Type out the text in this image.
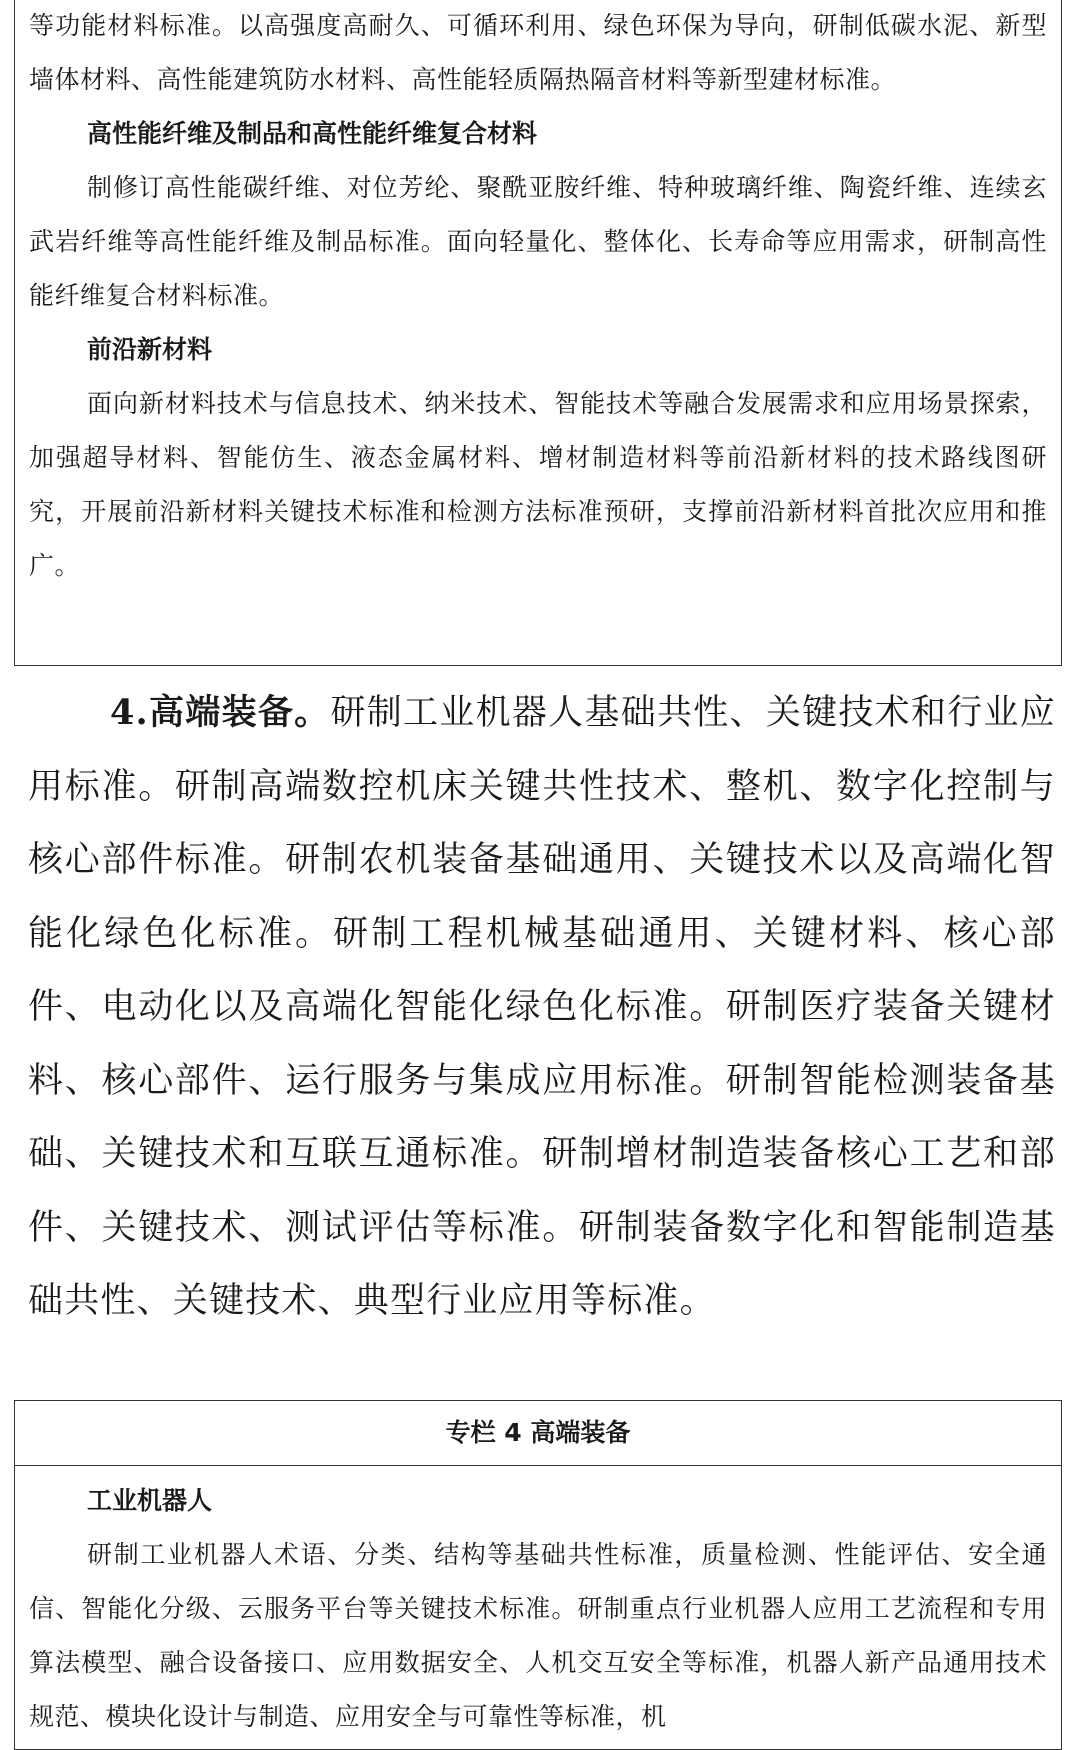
等功能材料标准。以高强度高耐久、可循环利用、绿色环保为导向，研制低碳水泥、新型墙体材料、高性能建筑防水材料、高性能轻质隔热隔音材料等新型建材标准。

高性能纤维及制品和高性能纤维复合材料

制修订高性能碳纤维、对位芳纶、聚酰亚胺纤维、特种玻璃纤维、陶瓷纤维、连续玄武岩纤维等高性能纤维及制品标准。面向轻量化、整体化、长寿命等应用需求，研制高性能纤维复合材料标准。

前沿新材料

面向新材料技术与信息技术、纳米技术、智能技术等融合发展需求和应用场景探索，加强超导材料、智能仿生、液态金属材料、增材制造材料等前沿新材料的技术路线图研究，开展前沿新材料关键技术标准和检测方法标准预研，支撑前沿新材料首批次应用和推广。

4.高端装备。研制工业机器人基础共性、关键技术和行业应用标准。研制高端数控机床关键共性技术、整机、数字化控制与核心部件标准。研制农机装备基础通用、关键技术以及高端化智能化绿色化标准。研制工程机械基础通用、关键材料、核心部件、电动化以及高端化智能化绿色化标准。研制医疗装备关键材料、核心部件、运行服务与集成应用标准。研制智能检测装备基础、关键技术和互联互通标准。研制增材制造装备核心工艺和部件、关键技术、测试评估等标准。研制装备数字化和智能制造基础共性、关键技术、典型行业应用等标准。

专栏 4 高端装备
工业机器人

研制工业机器人术语、分类、结构等基础共性标准，质量检测、性能评估、安全通信、智能化分级、云服务平台等关键技术标准。研制重点行业机器人应用工艺流程和专用算法模型、融合设备接口、应用数据安全、人机交互安全等标准，机器人新产品通用技术规范、模块化设计与制造、应用安全与可靠性等标准，机
